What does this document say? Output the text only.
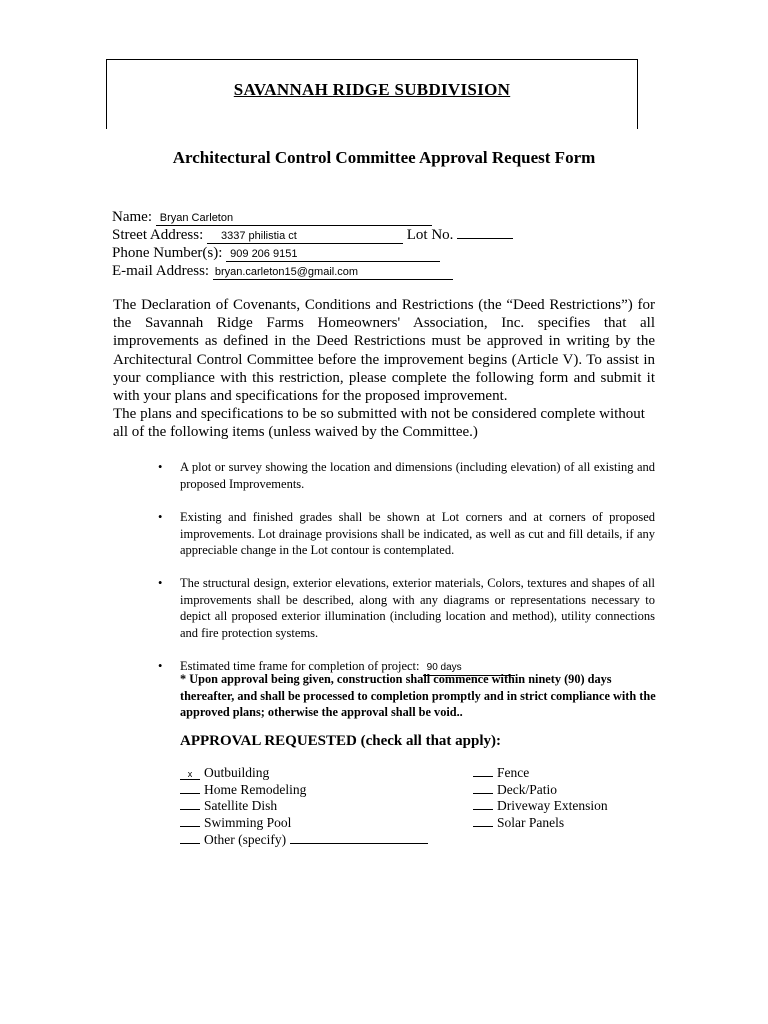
SAVANNAH RIDGE SUBDIVISION
Architectural Control Committee Approval Request Form
Name: Bryan Carleton
Street Address: 3337 philistia ct	Lot No.
Phone Number(s): 909 206 9151
E-mail Address: bryan.carleton15@gmail.com

The Declaration of Covenants, Conditions and Restrictions (the “Deed Restrictions”) for the Savannah Ridge Farms Homeowners' Association, Inc. specifies that all improvements as defined in the Deed Restrictions must be approved in writing by the Architectural Control Committee before the improvement begins (Article V). To assist in your compliance with this restriction, please complete the following form and submit it with your plans and specifications for the proposed improvement.

The plans and specifications to be so submitted with not be considered complete without all of the following items (unless waived by the Committee.)

• A plot or survey showing the location and dimensions (including elevation) of all existing and proposed Improvements.
• Existing and finished grades shall be shown at Lot corners and at corners of proposed improvements. Lot drainage provisions shall be indicated, as well as cut and fill details, if any appreciable change in the Lot contour is contemplated.
• The structural design, exterior elevations, exterior materials, Colors, textures and shapes of all improvements shall be described, along with any diagrams or representations necessary to depict all proposed exterior illumination (including location and method), utility connections and fire protection systems.
• Estimated time frame for completion of project: 90 days
* Upon approval being given, construction shall commence within ninety (90) days thereafter, and shall be processed to completion promptly and in strict compliance with the approved plans; otherwise the approval shall be void..
APPROVAL REQUESTED (check all that apply):
x Outbuilding
Home Remodeling
Satellite Dish
Swimming Pool
Other (specify)
Fence
Deck/Patio
Driveway Extension
Solar Panels
